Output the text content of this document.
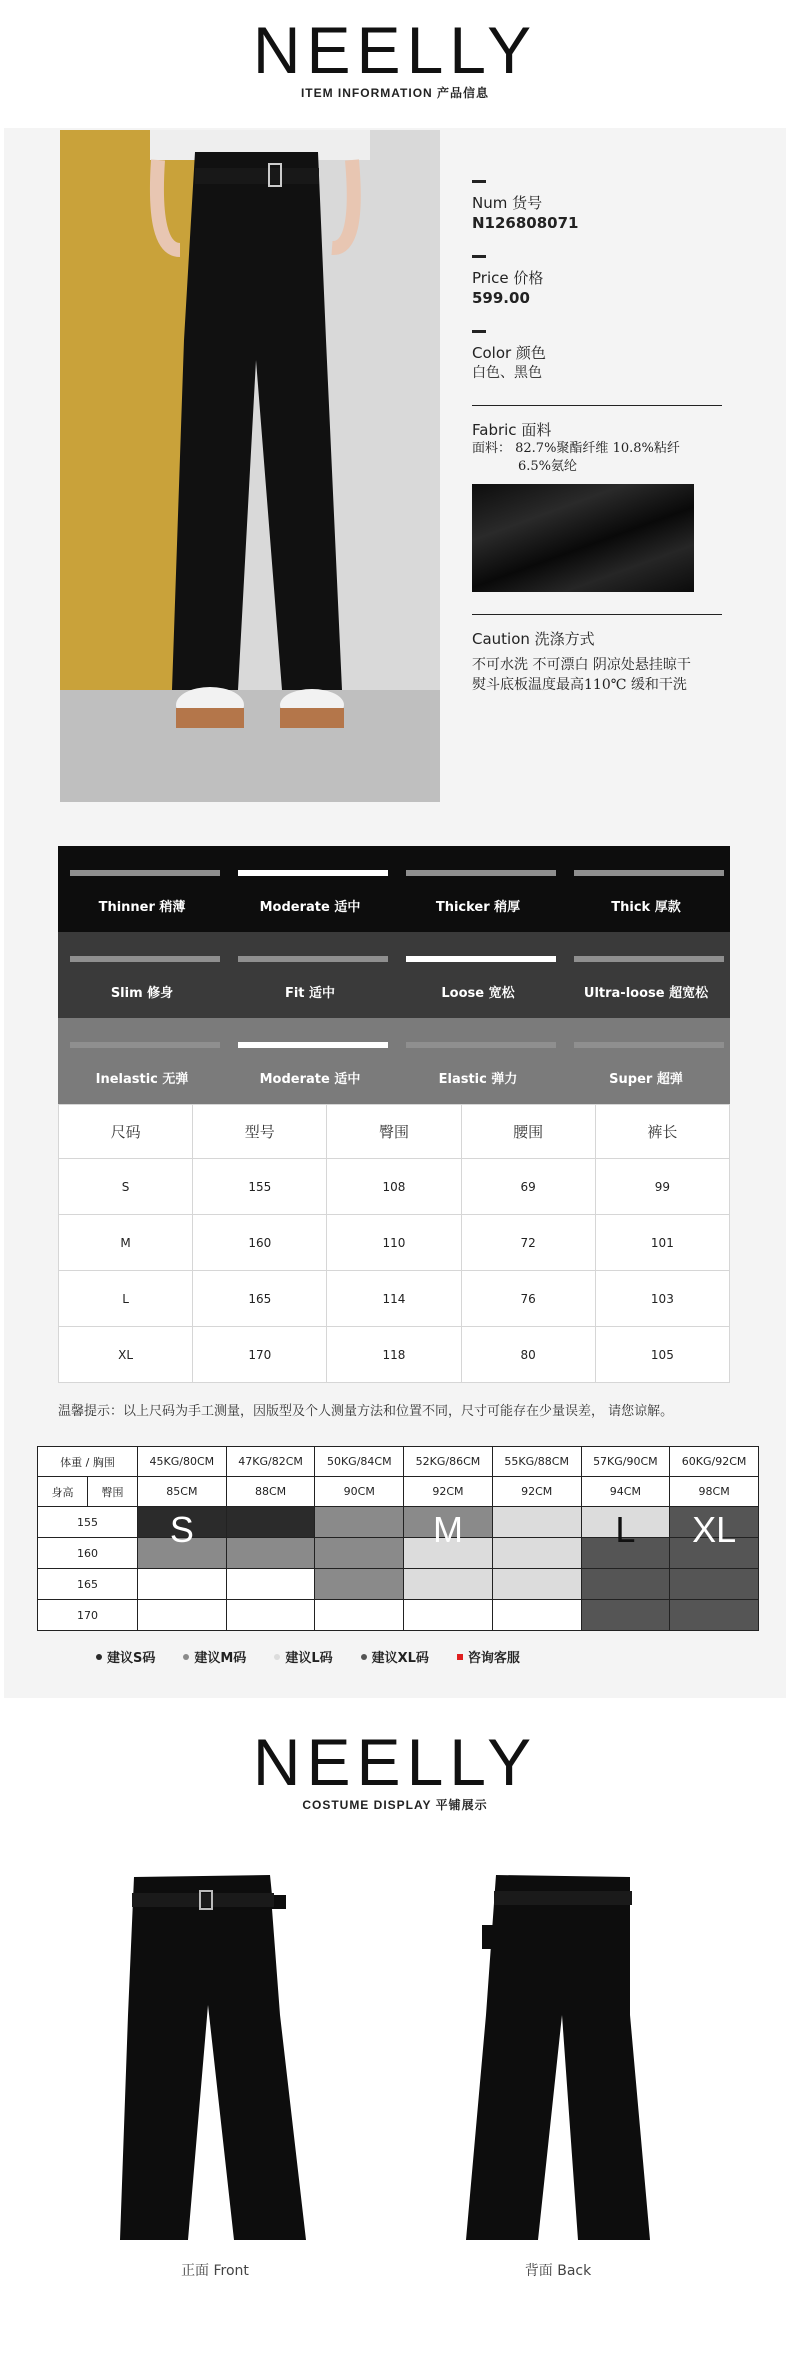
NEELLY
ITEM INFORMATION 产品信息
Num 货号
N126808071
Price 价格
599.00
Color 颜色
白色、黑色
Fabric 面料
面料： 82.7%聚酯纤维 10.8%粘纤
6.5%氨纶
Caution 洗涤方式
不可水洗 不可漂白 阴凉处悬挂晾干
熨斗底板温度最高110℃ 缓和干洗
Thinner 稍薄	Moderate 适中	Thicker 稍厚	Thick 厚款
Slim 修身	Fit 适中	Loose 宽松	Ultra-loose 超宽松
Inelastic 无弹	Moderate 适中	Elastic 弹力	Super 超弹
尺码	型号	臀围	腰围	裤长
S	155	108	69	99
M	160	110	72	101
L	165	114	76	103
XL	170	118	80	105
温馨提示：以上尺码为手工测量，因版型及个人测量方法和位置不同，尺寸可能存在少量误差， 请您谅解。
体重 / 胸围		45KG/80CM	47KG/82CM	50KG/84CM	52KG/86CM	55KG/88CM	57KG/90CM	60KG/92CM
身高	臀围	85CM	88CM	90CM	92CM	92CM	94CM	98CM
155		S			M		L	XL

160								
165								
170								
建议S码	建议M码	建议L码	建议XL码	咨询客服
NEELLY
COSTUME DISPLAY 平铺展示
正面 Front	背面 Back
